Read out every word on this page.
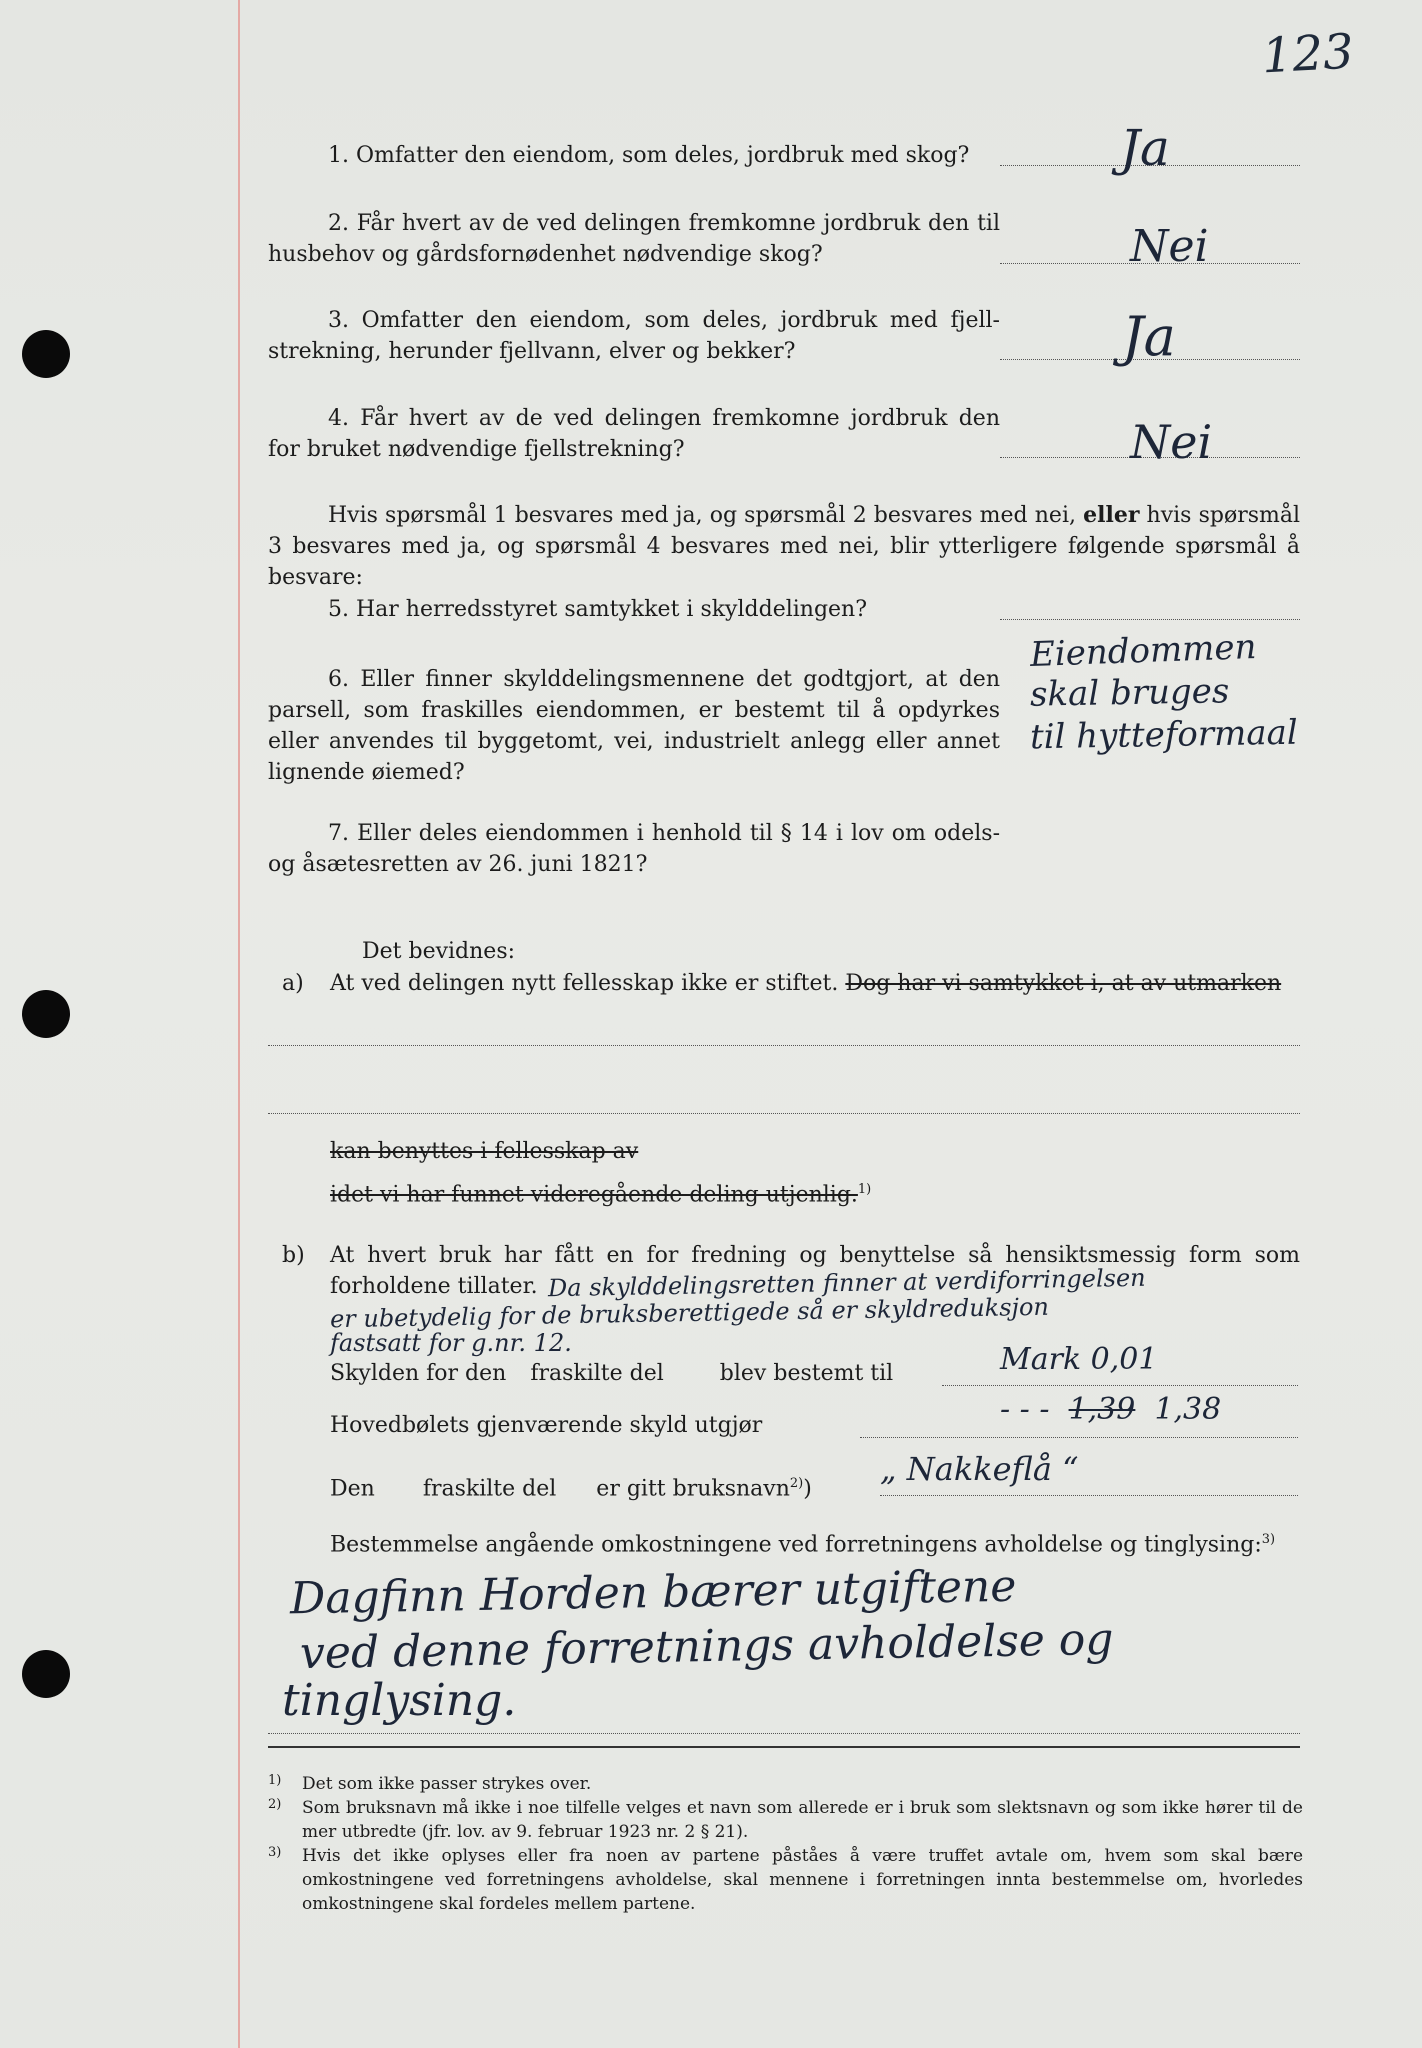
123

1. Omfatter den eiendom, som deles, jordbruk med skog?	Ja

2. Får hvert av de ved delingen fremkomne jordbruk den til husbehov og gårdsfornødenhet nødvendige skog?	Nei

3. Omfatter den eiendom, som deles, jordbruk med fjell-strekning, herunder fjellvann, elver og bekker?	Ja

4. Får hvert av de ved delingen fremkomne jordbruk den for bruket nødvendige fjellstrekning?	Nei
Hvis spørsmål 1 besvares med ja, og spørsmål 2 besvares med nei, eller hvis spørsmål 3 besvares med ja, og spørsmål 4 besvares med nei, blir ytterligere følgende spørsmål å besvare:

5. Har herredsstyret samtykket i skylddelingen?

6. Eller finner skylddelingsmennene det godtgjort, at den parsell, som fraskilles eiendommen, er bestemt til å opdyrkes eller anvendes til byggetomt, vei, industrielt anlegg eller annet lignende øiemed?

Eiendommen
skal bruges
til hytteformaal

7. Eller deles eiendommen i henhold til § 14 i lov om odels- og åsætesretten av 26. juni 1821?

Det bevidnes:
a) At ved delingen nytt fellesskap ikke er stiftet. Dog har vi samtykket i, at av utmarken
kan benyttes i fellesskap av
idet vi har funnet videregående deling utjenlig.$^{1)}$
b) At hvert bruk har fått en for fredning og benyttelse så hensiktsmessig form som forholdene tillater. Da skylddelingsretten finner at verdiforringelsen
er ubetydelig for de bruksberettigede så er skyldreduksjon
fastsatt for g.nr. 12.
Skylden for den fraskilte del	blev bestemt til	Mark 0,01
Hovedbølets gjenværende skyld utgjør	- - - 1,39 1,38
Den fraskilte del er gitt bruksnavn$^{2)}$)
„ Nakkeflå “
Bestemmelse angående omkostningene ved forretningens avholdelse og tinglysing:$^{3)}$
Dagfinn Horden bærer utgiftene
ved denne forretnings avholdelse og
tinglysing.
1) Det som ikke passer strykes over.
2) Som bruksnavn må ikke i noe tilfelle velges et navn som allerede er i bruk som slektsnavn og som ikke hører til de mer utbredte (jfr. lov. av 9. februar 1923 nr. 2 § 21).
3) Hvis det ikke oplyses eller fra noen av partene påståes å være truffet avtale om, hvem som skal bære omkostningene ved forretningens avholdelse, skal mennene i forretningen innta bestemmelse om, hvorledes omkostningene skal fordeles mellem partene.
